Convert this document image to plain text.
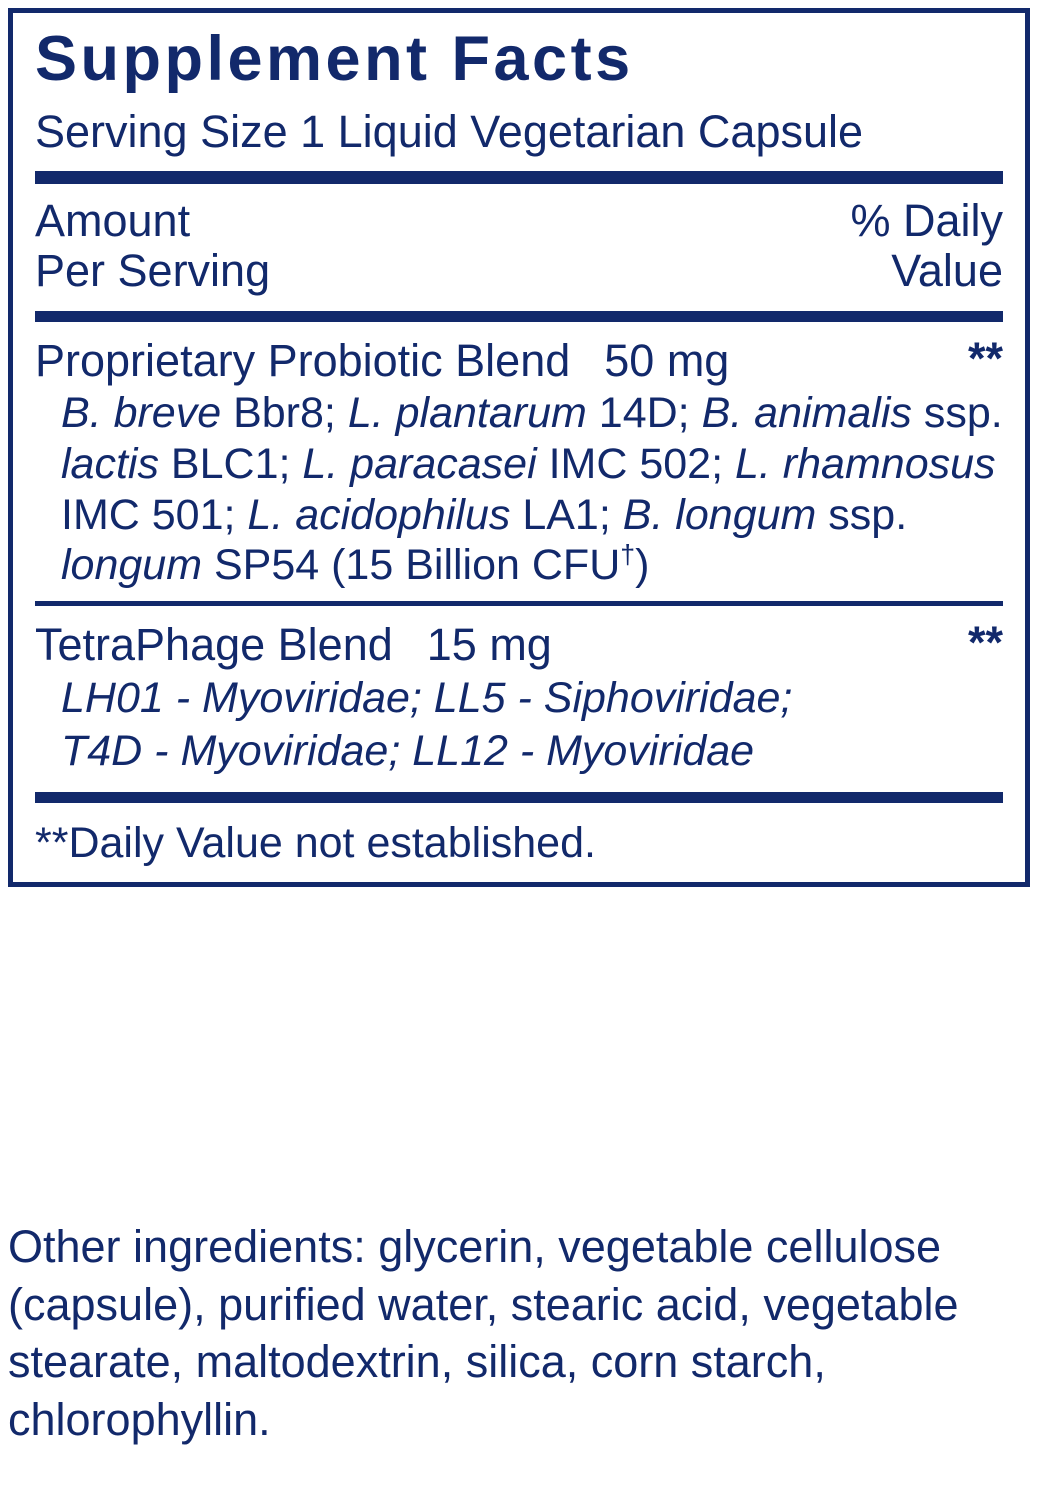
Supplement Facts
Serving Size 1 Liquid Vegetarian Capsule
Amount
Per Serving
% Daily
Value
Proprietary Probiotic Blend 50 mg	**
B. breve Bbr8; L. plantarum 14D; B. animalis ssp. lactis BLC1; L. paracasei IMC 502; L. rhamnosus IMC 501; L. acidophilus LA1; B. longum ssp. longum SP54 (15 Billion CFU†)
TetraPhage Blend 15 mg	**
LH01 - Myoviridae; LL5 - Siphoviridae;
T4D - Myoviridae; LL12 - Myoviridae
**Daily Value not established.
Other ingredients: glycerin, vegetable cellulose (capsule), purified water, stearic acid, vegetable stearate, maltodextrin, silica, corn starch, chlorophyllin.
